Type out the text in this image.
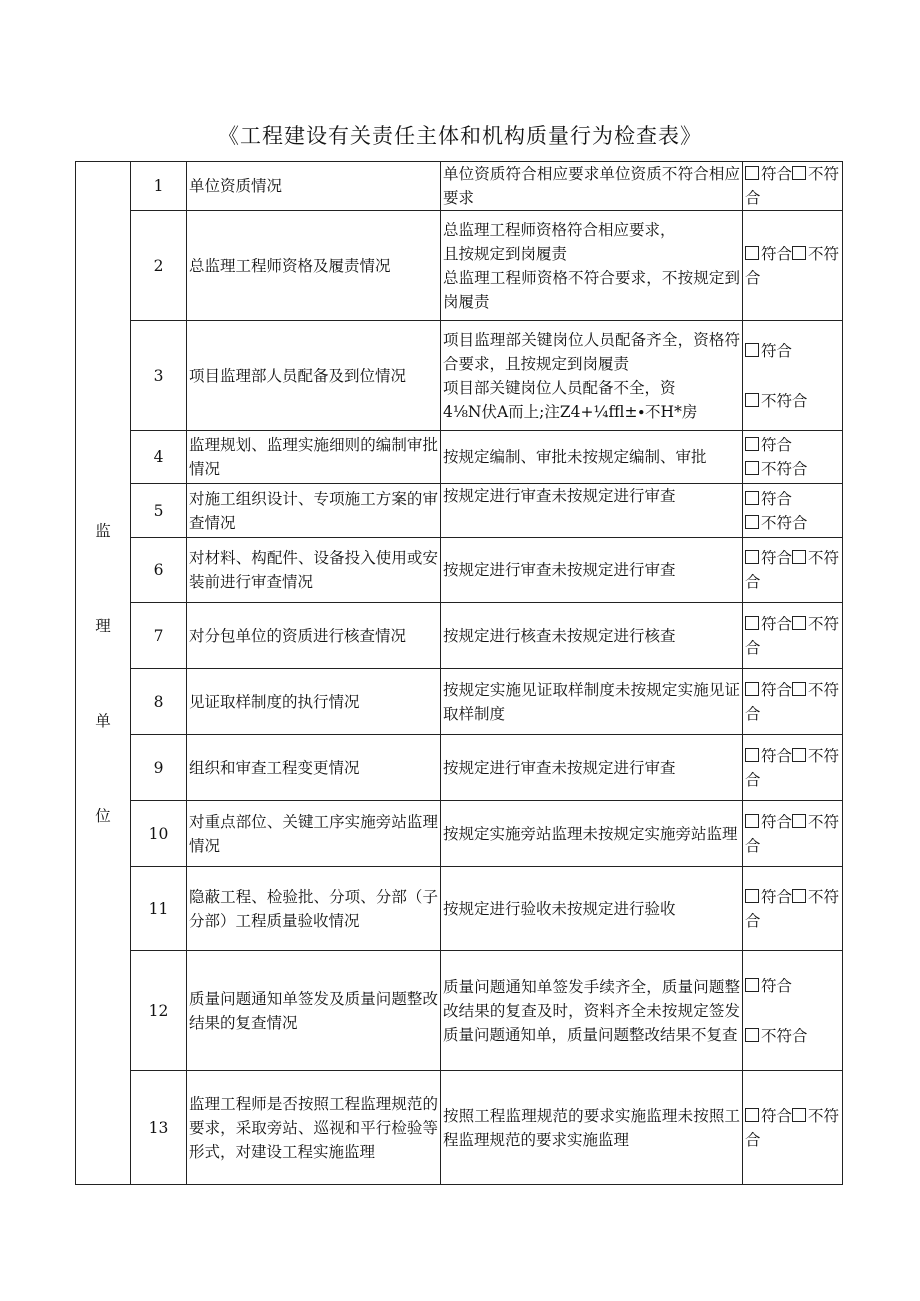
《工程建设有关责任主体和机构质量行为检查表》
监
理
单
位	1	单位资质情况	单位资质符合相应要求单位资质不符合相应要求	符合 不符合
	2	总监理工程师资格及履责情况	总监理工程师资格符合相应要求，
且按规定到岗履责
总监理工程师资格不符合要求，不按规定到岗履责	符合 不符合
	3	项目监理部人员配备及到位情况	项目监理部关键岗位人员配备齐全，资格符合要求，且按规定到岗履责
项目部关键岗位人员配备不全，资
4⅛N伏A而上;注Z4+¼ffl±∙不H*房	符合
不符合
	4	监理规划、监理实施细则的编制审批情况	按规定编制、审批未按规定编制、审批	符合
不符合
	5	对施工组织设计、专项施工方案的审查情况	按规定进行审查未按规定进行审查	符合
不符合
	6	对材料、构配件、设备投入使用或安装前进行审查情况	按规定进行审查未按规定进行审查	符合 不符合
	7	对分包单位的资质进行核查情况	按规定进行核查未按规定进行核查	符合 不符合
	8	见证取样制度的执行情况	按规定实施见证取样制度未按规定实施见证取样制度	符合 不符合
	9	组织和审查工程变更情况	按规定进行审查未按规定进行审查	符合 不符合
	10	对重点部位、关键工序实施旁站监理情况	按规定实施旁站监理未按规定实施旁站监理	符合 不符合
	11	隐蔽工程、检验批、分项、分部（子分部）工程质量验收情况	按规定进行验收未按规定进行验收	符合 不符合
	12	质量问题通知单签发及质量问题整改结果的复查情况	质量问题通知单签发手续齐全，质量问题整改结果的复查及时，资料齐全未按规定签发质量问题通知单，质量问题整改结果不复查	符合
不符合
	13	监理工程师是否按照工程监理规范的要求，采取旁站、巡视和平行检验等形式，对建设工程实施监理	按照工程监理规范的要求实施监理未按照工程监理规范的要求实施监理	符合 不符合
